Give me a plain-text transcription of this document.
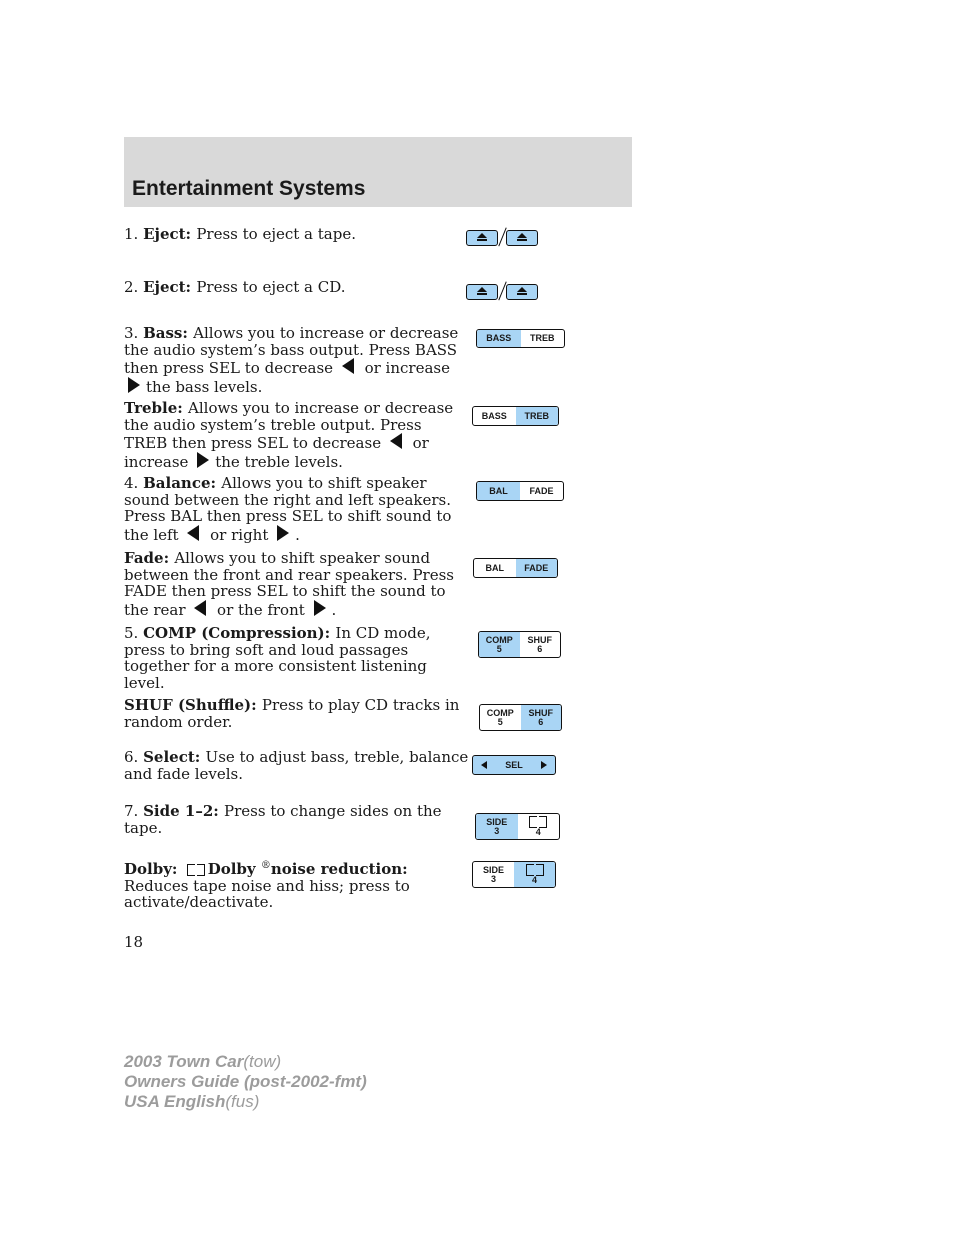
Entertainment Systems
1. Eject: Press to eject a tape.
2. Eject: Press to eject a CD.
3. Bass: Allows you to increase or decrease the audio system’s bass output. Press BASS then press SEL to decrease  or increase the bass levels.
BASS	TREB
Treble: Allows you to increase or decrease the audio system’s treble output. Press TREB then press SEL to decrease  or increase the treble levels.
BASS	TREB
4. Balance: Allows you to shift speaker sound between the right and left speakers. Press BAL then press SEL to shift sound to the left  or right .
BAL	FADE
Fade: Allows you to shift speaker sound between the front and rear speakers. Press FADE then press SEL to shift the sound to the rear  or the front .
BAL	FADE
5. COMP (Compression): In CD mode, press to bring soft and loud passages together for a more consistent listening level.
COMP
5
SHUF
6
SHUF (Shuffle): Press to play CD tracks in random order.	COMP
5
SHUF
6
6. Select: Use to adjust bass, treble, balance and fade levels.	SEL
7. Side 1–2: Press to change sides on the tape.	SIDE
3	4
Dolby:
Dolby ®noise reduction: Reduces tape noise and hiss; press to activate/deactivate.
SIDE
3	4
18
2003 Town Car(tow)
Owners Guide (post-2002-fmt)
USA English(fus)
